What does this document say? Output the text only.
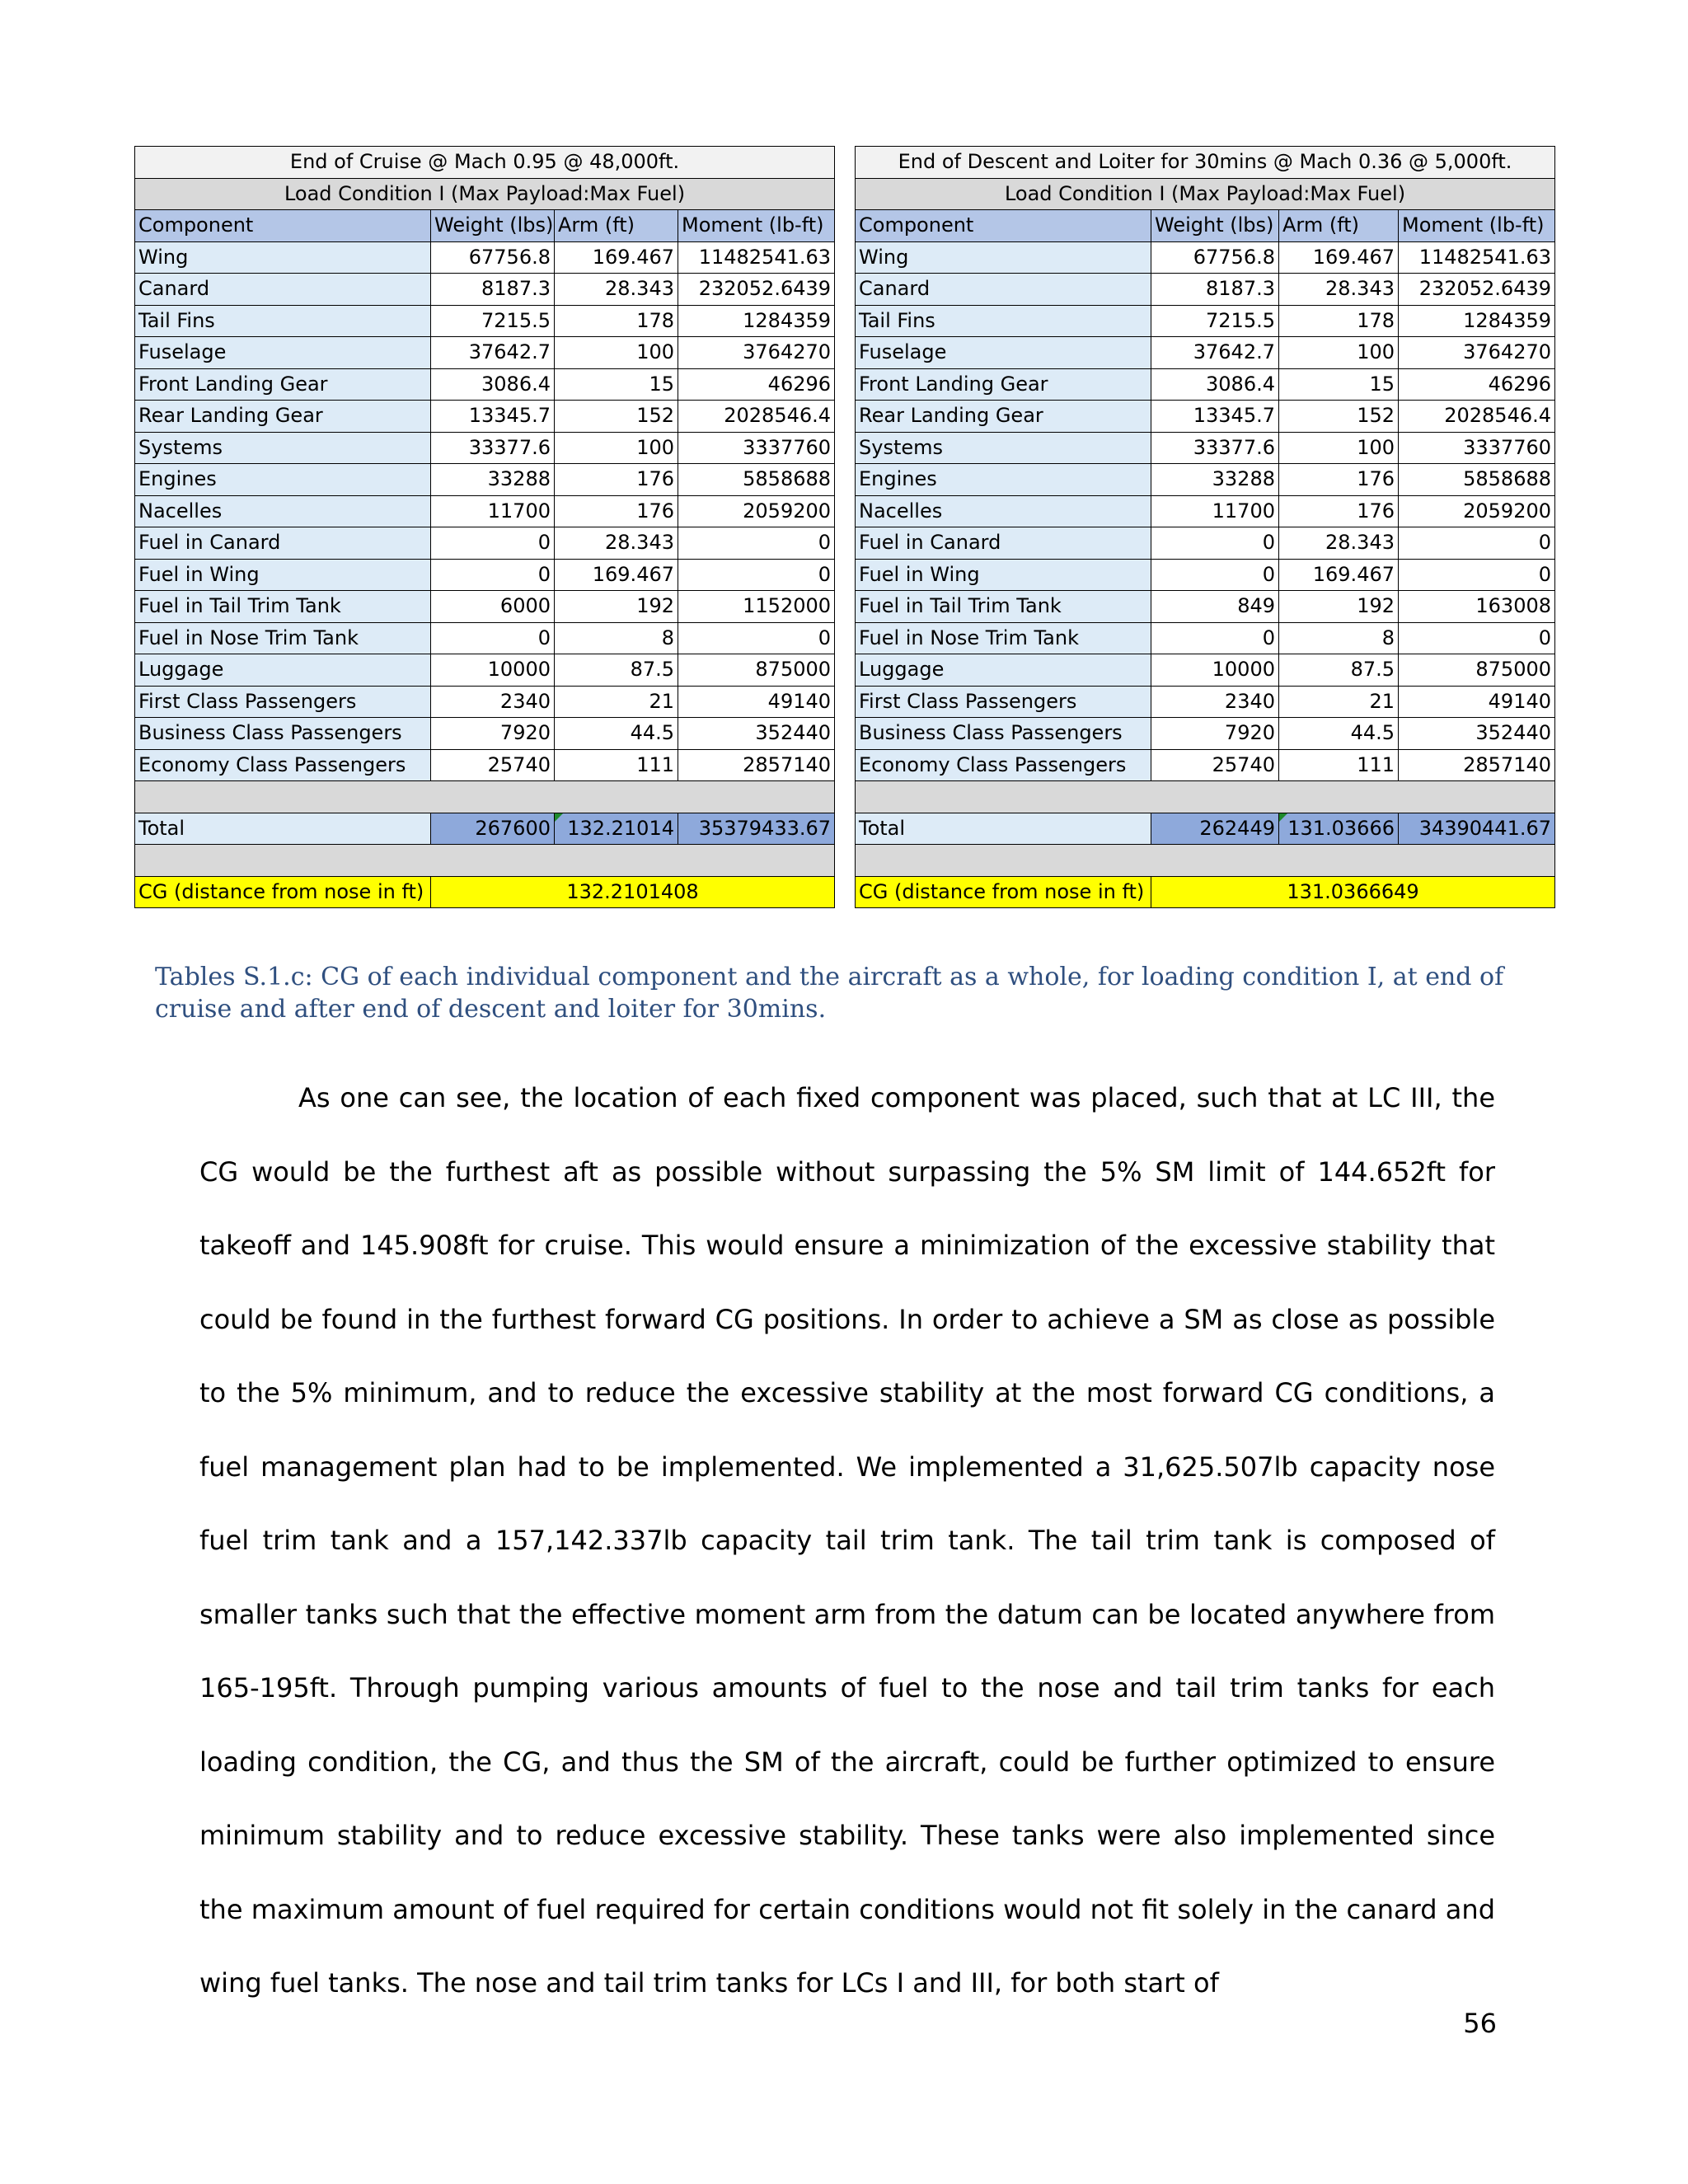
End of Cruise @ Mach 0.95 @ 48,000ft.			
Load Condition I (Max Payload:Max Fuel)			
Component	Weight (lbs)	Arm (ft)	Moment (lb-ft)
Wing	67756.8	169.467	11482541.63
Canard	8187.3	28.343	232052.6439
Tail Fins	7215.5	178	1284359
Fuselage	37642.7	100	3764270
Front Landing Gear	3086.4	15	46296
Rear Landing Gear	13345.7	152	2028546.4
Systems	33377.6	100	3337760
Engines	33288	176	5858688
Nacelles	11700	176	2059200
Fuel in Canard	0	28.343	0
Fuel in Wing	0	169.467	0
Fuel in Tail Trim Tank	6000	192	1152000
Fuel in Nose Trim Tank	0	8	0
Luggage	10000	87.5	875000
First Class Passengers	2340	21	49140
Business Class Passengers	7920	44.5	352440
Economy Class Passengers	25740	111	2857140

Total	267600	132.21014	35379433.67

CG (distance from nose in ft)	132.2101408		
End of Descent and Loiter for 30mins @ Mach 0.36 @ 5,000ft.			
Load Condition I (Max Payload:Max Fuel)			
Component	Weight (lbs)	Arm (ft)	Moment (lb-ft)
Wing	67756.8	169.467	11482541.63
Canard	8187.3	28.343	232052.6439
Tail Fins	7215.5	178	1284359
Fuselage	37642.7	100	3764270
Front Landing Gear	3086.4	15	46296
Rear Landing Gear	13345.7	152	2028546.4
Systems	33377.6	100	3337760
Engines	33288	176	5858688
Nacelles	11700	176	2059200
Fuel in Canard	0	28.343	0
Fuel in Wing	0	169.467	0
Fuel in Tail Trim Tank	849	192	163008
Fuel in Nose Trim Tank	0	8	0
Luggage	10000	87.5	875000
First Class Passengers	2340	21	49140
Business Class Passengers	7920	44.5	352440
Economy Class Passengers	25740	111	2857140

Total	262449	131.03666	34390441.67

CG (distance from nose in ft)	131.0366649		

Tables S.1.c: CG of each individual component and the aircraft as a whole, for loading condition I, at end of cruise and after end of descent and loiter for 30mins.

As one can see, the location of each fixed component was placed, such that at LC III, the CG would be the furthest aft as possible without surpassing the 5% SM limit of 144.652ft for takeoff and 145.908ft for cruise. This would ensure a minimization of the excessive stability that could be found in the furthest forward CG positions. In order to achieve a SM as close as possible to the 5% minimum, and to reduce the excessive stability at the most forward CG conditions, a fuel management plan had to be implemented. We implemented a 31,625.507lb capacity nose fuel trim tank and a 157,142.337lb capacity tail trim tank. The tail trim tank is composed of smaller tanks such that the effective moment arm from the datum can be located anywhere from 165-195ft. Through pumping various amounts of fuel to the nose and tail trim tanks for each loading condition, the CG, and thus the SM of the aircraft, could be further optimized to ensure minimum stability and to reduce excessive stability. These tanks were also implemented since the maximum amount of fuel required for certain conditions would not fit solely in the canard and wing fuel tanks. The nose and tail trim tanks for LCs I and III, for both start of

56
